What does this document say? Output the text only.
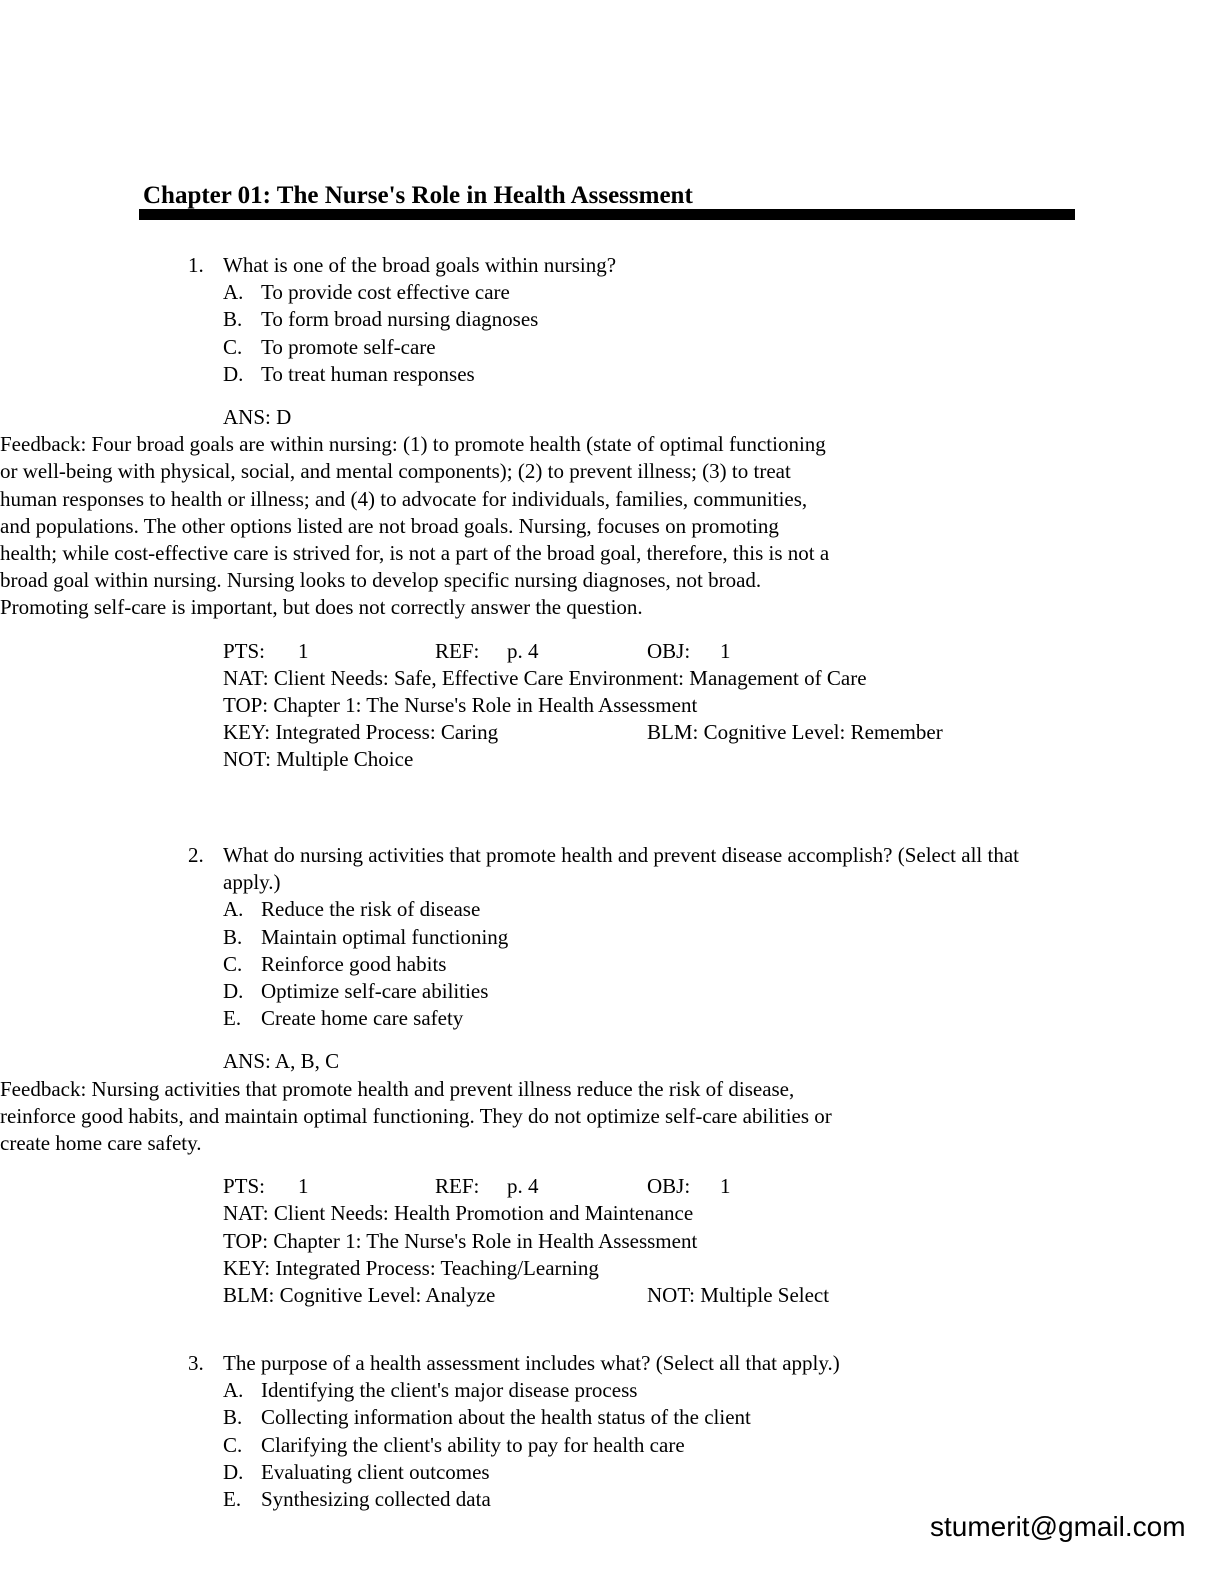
Chapter 01: The Nurse's Role in Health Assessment
1. What is one of the broad goals within nursing?
A. To provide cost effective care
B. To form broad nursing diagnoses
C. To promote self-care
D. To treat human responses
ANS: D

Feedback: Four broad goals are within nursing: (1) to promote health (state of optimal functioning or well-being with physical, social, and mental components); (2) to prevent illness; (3) to treat human responses to health or illness; and (4) to advocate for individuals, families, communities, and populations. The other options listed are not broad goals. Nursing, focuses on promoting health; while cost-effective care is strived for, is not a part of the broad goal, therefore, this is not a broad goal within nursing. Nursing looks to develop specific nursing diagnoses, not broad. Promoting self-care is important, but does not correctly answer the question.

PTS: 1	REF: p. 4	OBJ: 1
NAT: Client Needs: Safe, Effective Care Environment: Management of Care
TOP: Chapter 1: The Nurse's Role in Health Assessment
KEY: Integrated Process: Caring	BLM: Cognitive Level: Remember
NOT: Multiple Choice
2. What do nursing activities that promote health and prevent disease accomplish? (Select all that apply.)
A. Reduce the risk of disease
B. Maintain optimal functioning
C. Reinforce good habits
D. Optimize self-care abilities
E. Create home care safety
ANS: A, B, C

Feedback: Nursing activities that promote health and prevent illness reduce the risk of disease, reinforce good habits, and maintain optimal functioning. They do not optimize self-care abilities or create home care safety.

PTS: 1	REF: p. 4	OBJ: 1
NAT: Client Needs: Health Promotion and Maintenance
TOP: Chapter 1: The Nurse's Role in Health Assessment
KEY: Integrated Process: Teaching/Learning
BLM: Cognitive Level: Analyze	NOT: Multiple Select
3. The purpose of a health assessment includes what? (Select all that apply.)
A. Identifying the client's major disease process
B. Collecting information about the health status of the client
C. Clarifying the client's ability to pay for health care
D. Evaluating client outcomes
E. Synthesizing collected data
stumerit@gmail.com
